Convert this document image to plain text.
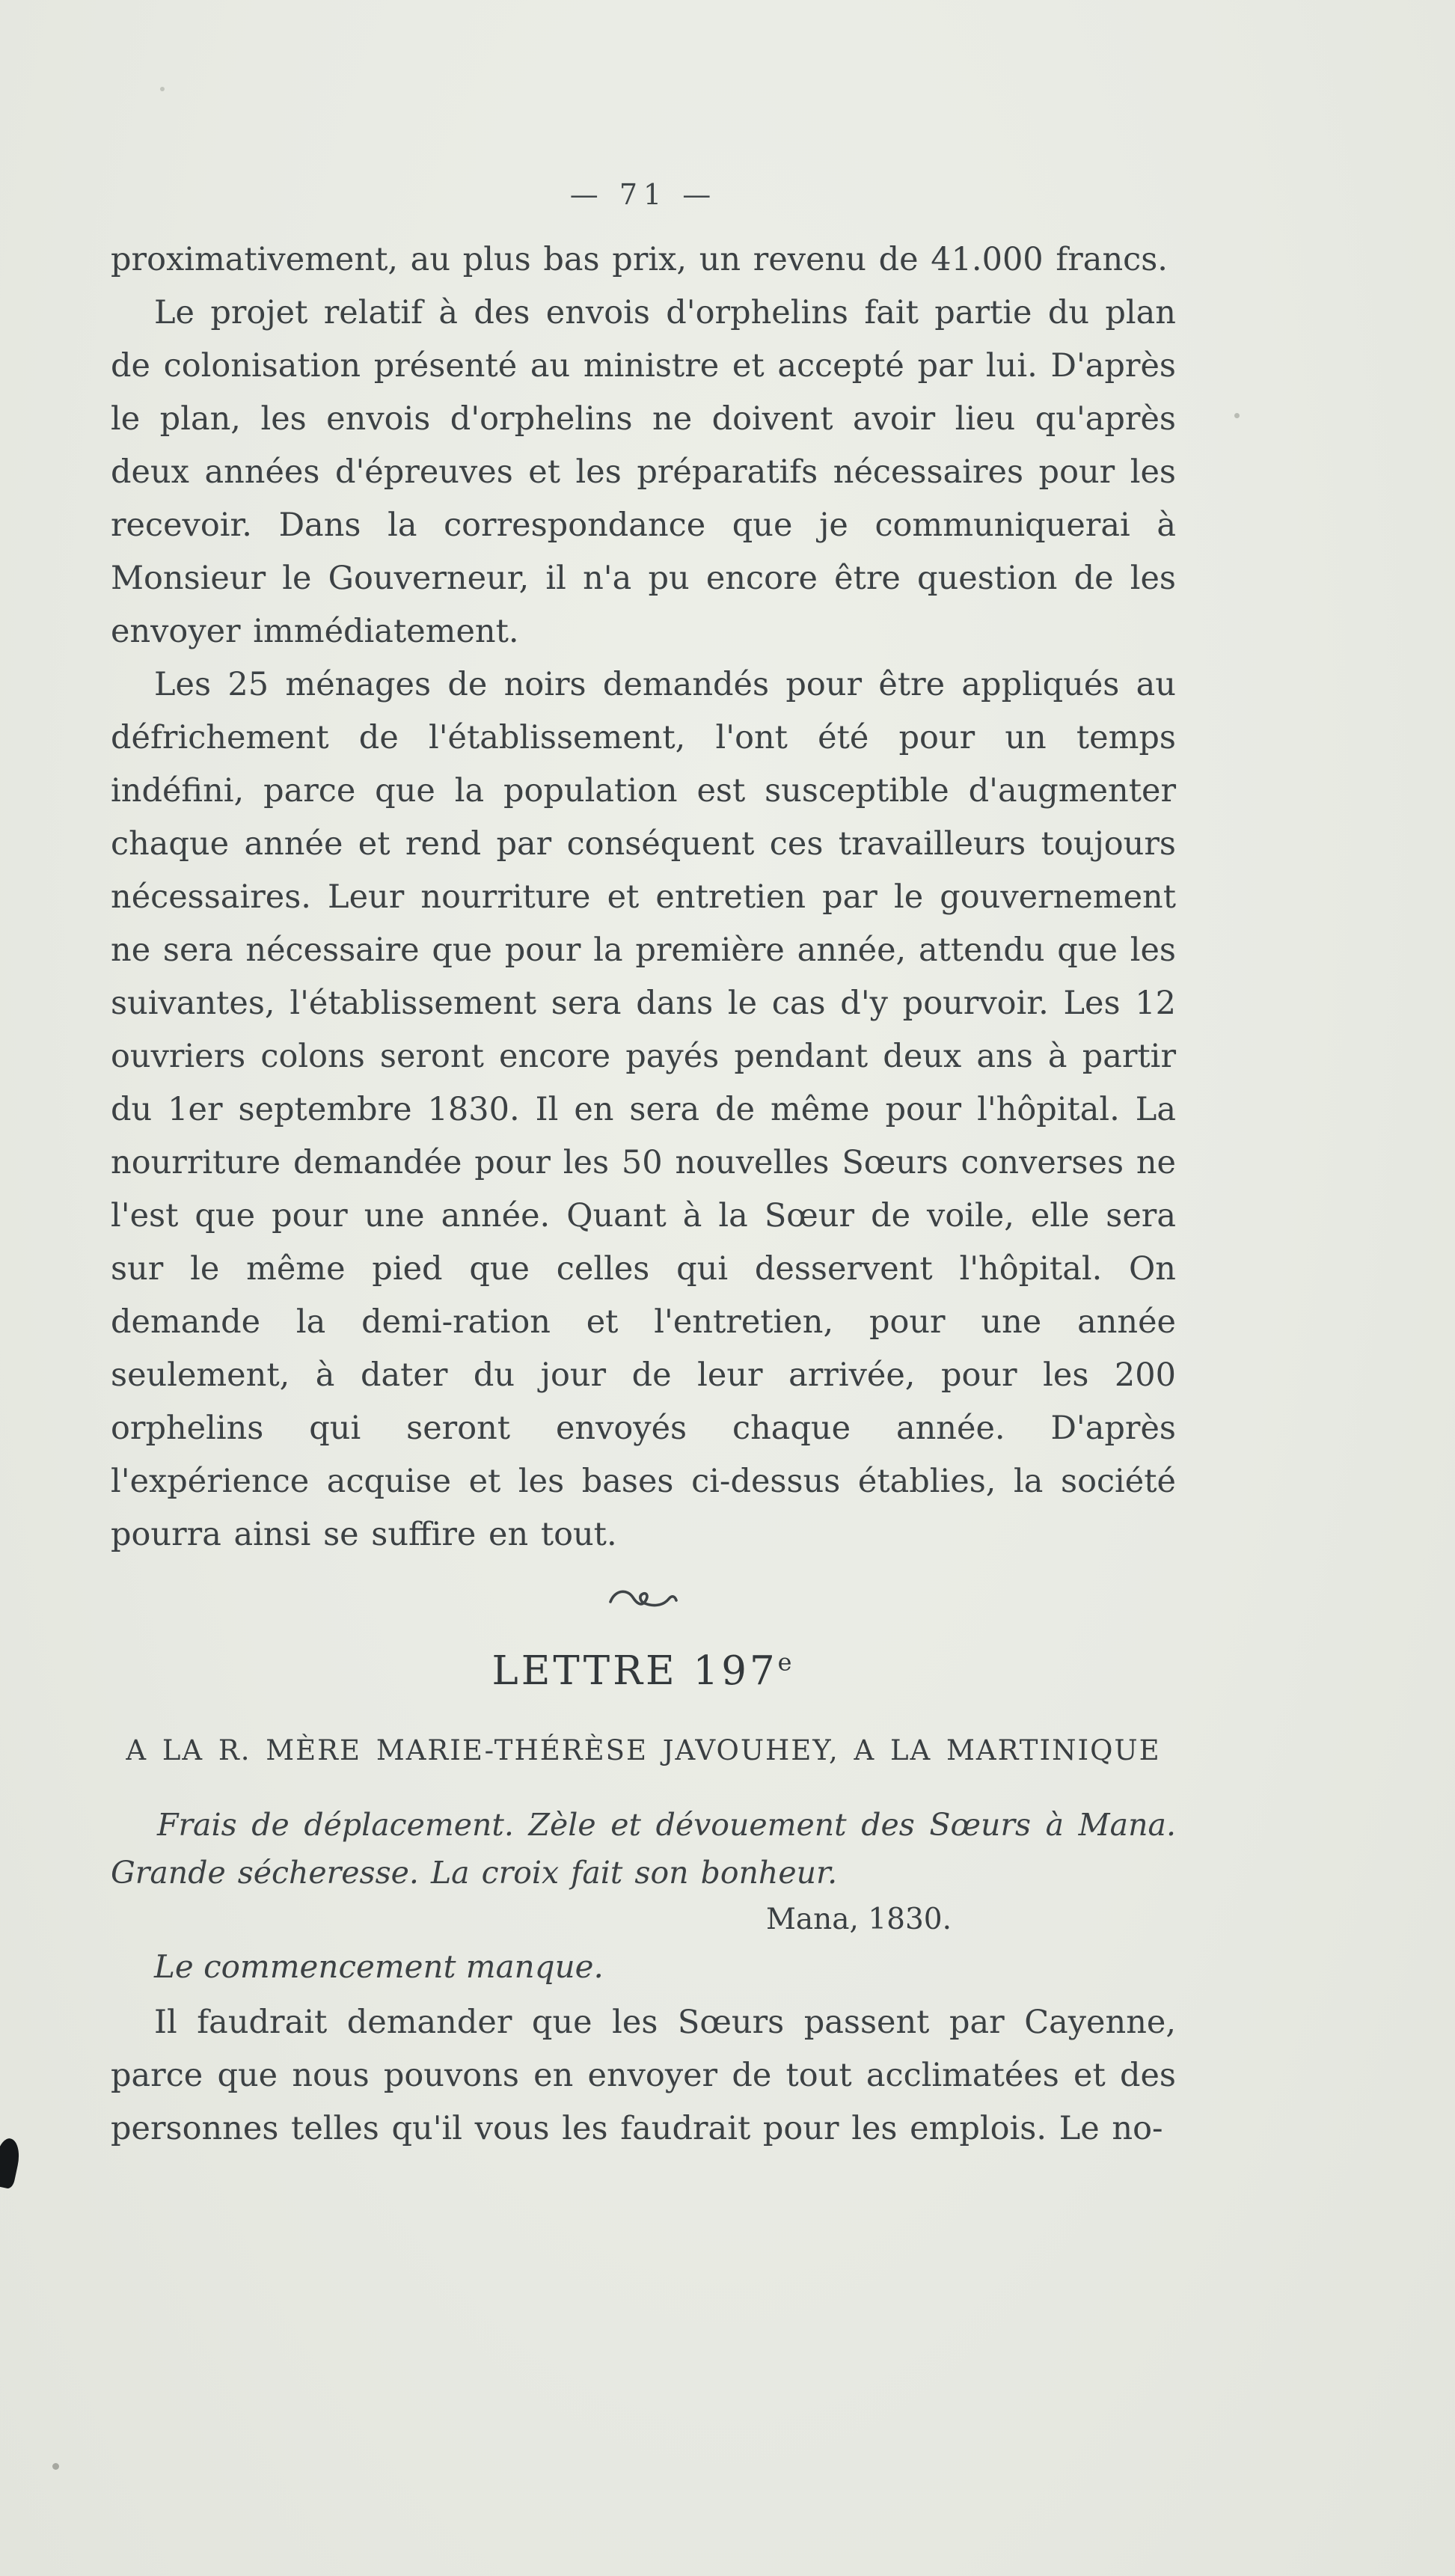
— 71 —

proximativement, au plus bas prix, un revenu de 41.000 francs.

Le projet relatif à des envois d'orphelins fait partie du plan de colonisation présenté au ministre et accepté par lui. D'après le plan, les envois d'orphelins ne doivent avoir lieu qu'après deux années d'épreuves et les préparatifs nécessaires pour les recevoir. Dans la correspondance que je communiquerai à Monsieur le Gouverneur, il n'a pu encore être question de les envoyer immédiatement.

Les 25 ménages de noirs demandés pour être appliqués au défrichement de l'établissement, l'ont été pour un temps indéfini, parce que la population est susceptible d'augmenter chaque année et rend par conséquent ces travailleurs toujours nécessaires. Leur nourriture et entretien par le gouvernement ne sera nécessaire que pour la première année, attendu que les suivantes, l'établissement sera dans le cas d'y pourvoir. Les 12 ouvriers colons seront encore payés pendant deux ans à partir du 1er septembre 1830. Il en sera de même pour l'hôpital. La nourriture demandée pour les 50 nouvelles Sœurs converses ne l'est que pour une année. Quant à la Sœur de voile, elle sera sur le même pied que celles qui desservent l'hôpital. On demande la demi-ration et l'entretien, pour une année seulement, à dater du jour de leur arrivée, pour les 200 orphelins qui seront envoyés chaque année. D'après l'expérience acquise et les bases ci-dessus établies, la société pourra ainsi se suffire en tout.

LETTRE 197e
A LA R. MÈRE MARIE-THÉRÈSE JAVOUHEY, A LA MARTINIQUE

Frais de déplacement. Zèle et dévouement des Sœurs à Mana. Grande sécheresse. La croix fait son bonheur.

Mana, 1830.

Le commencement manque.

Il faudrait demander que les Sœurs passent par Cayenne, parce que nous pouvons en envoyer de tout acclimatées et des personnes telles qu'il vous les faudrait pour les emplois. Le no-
